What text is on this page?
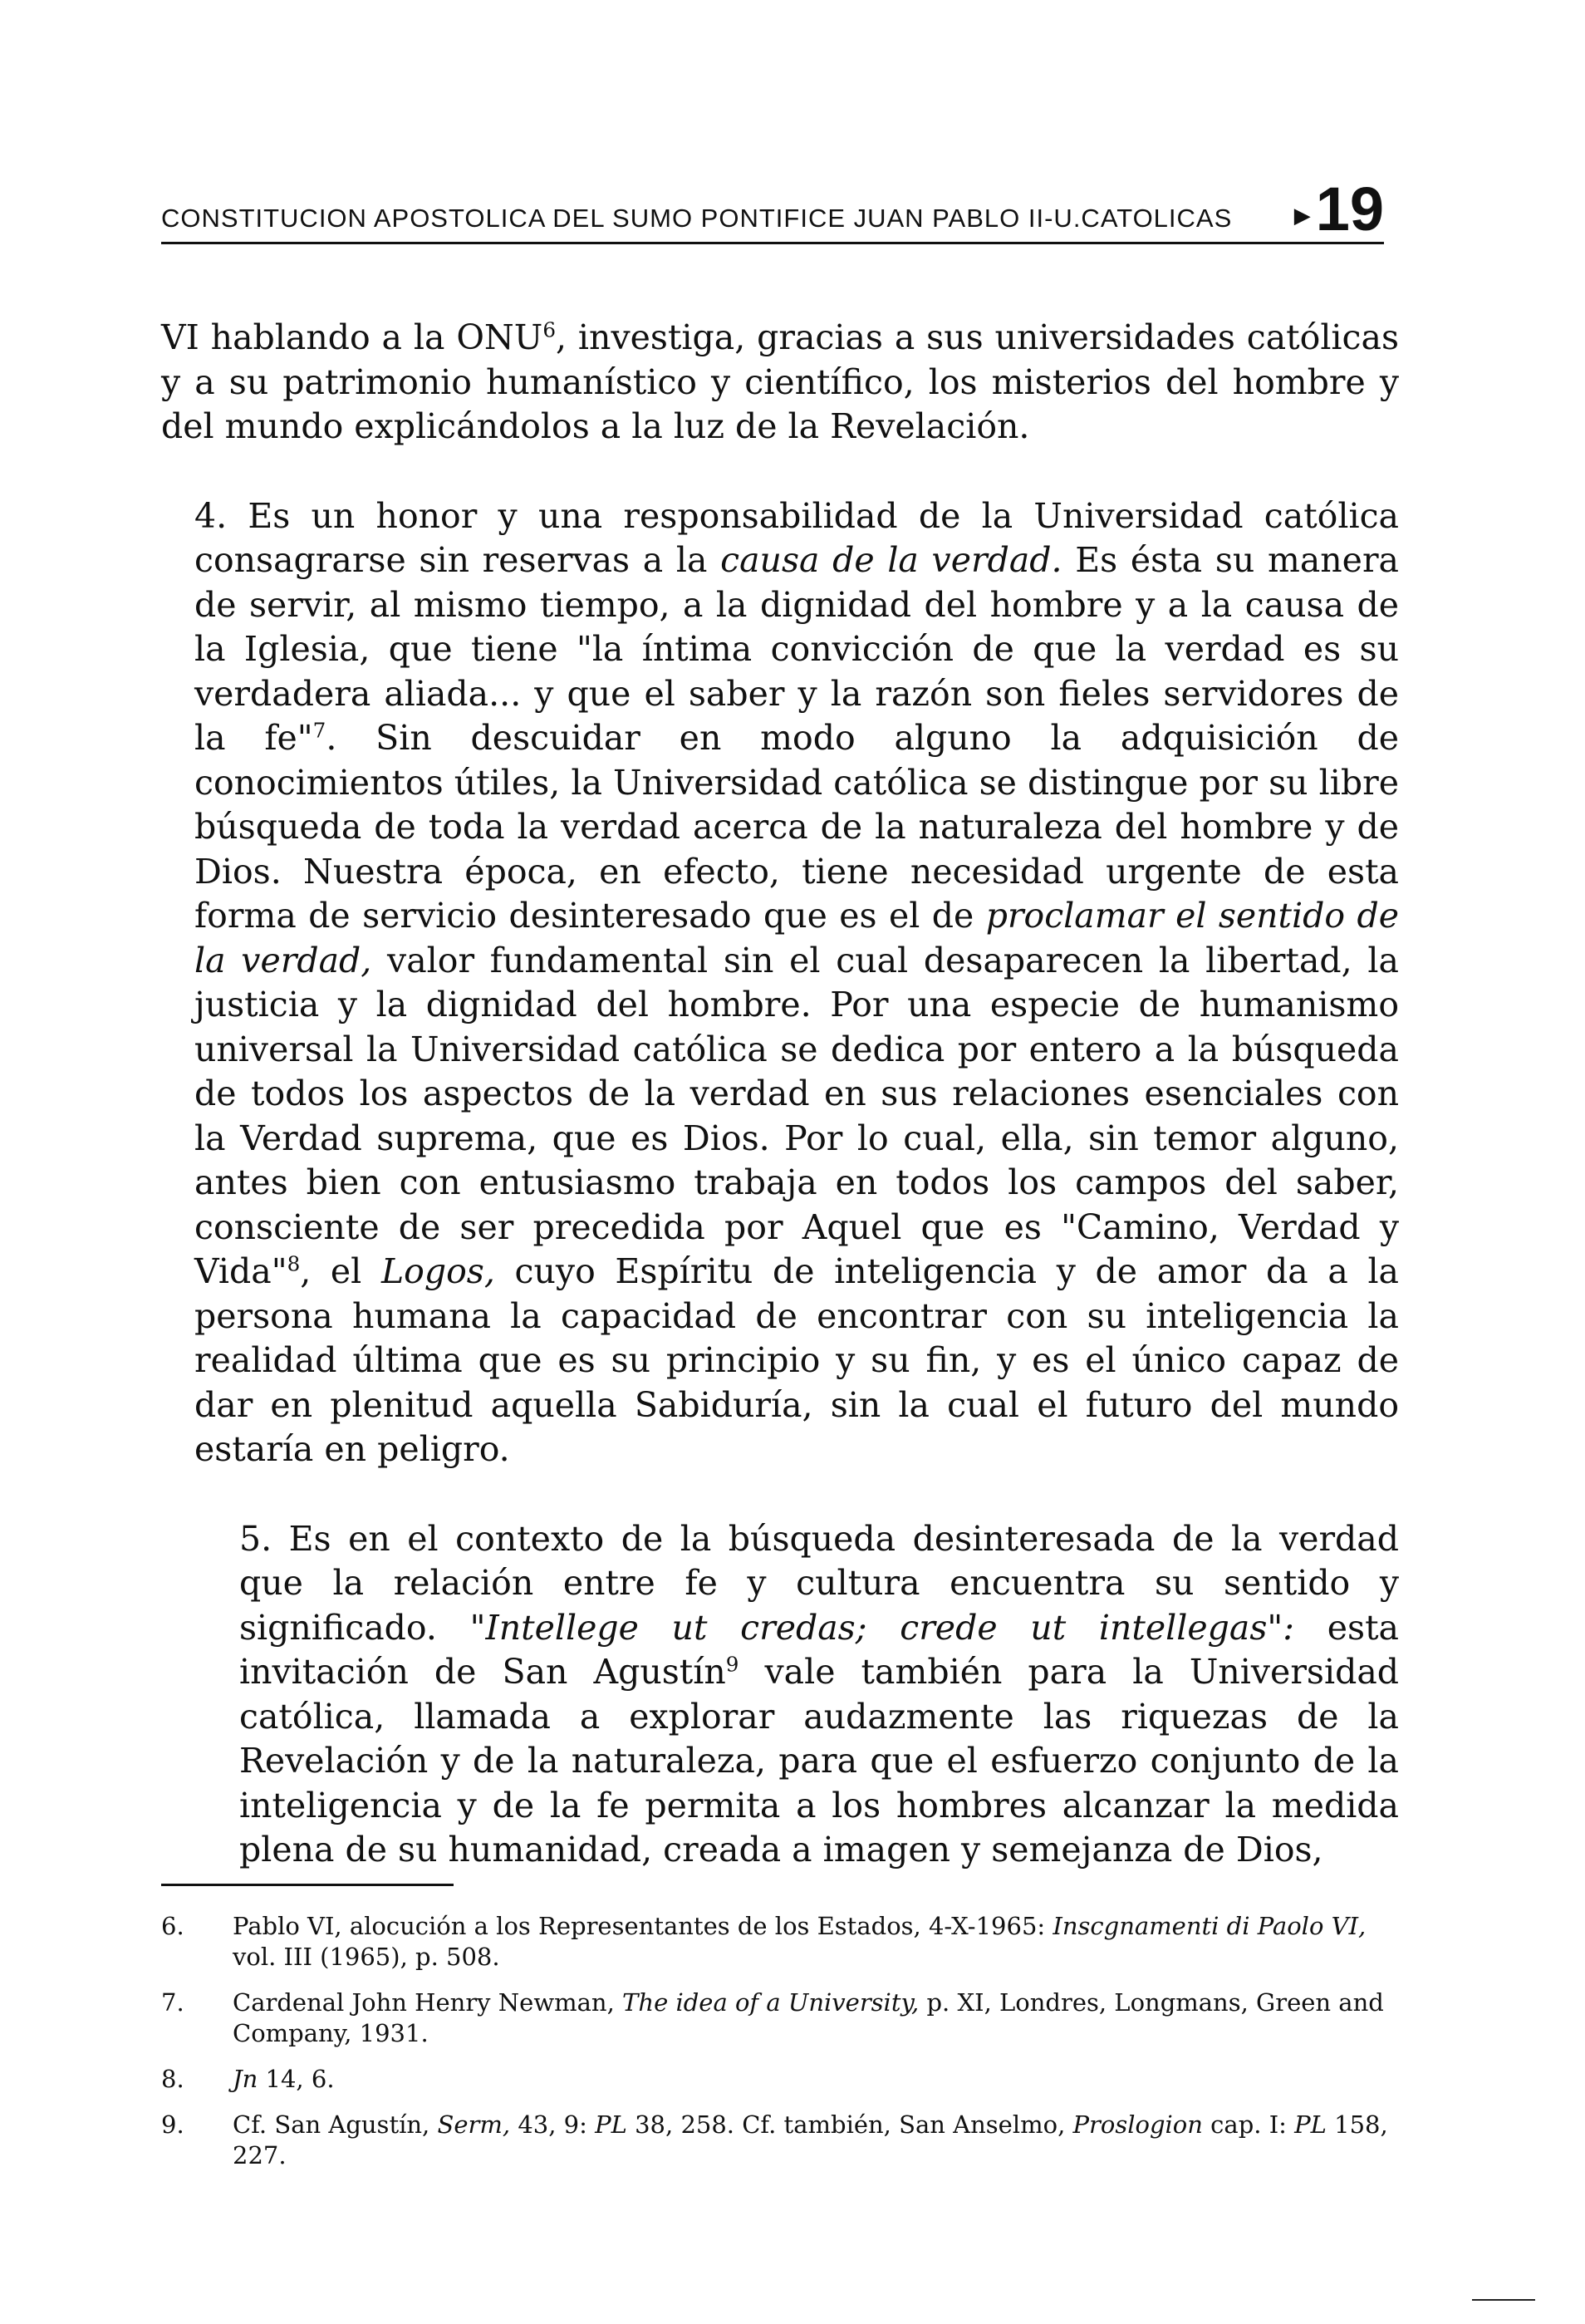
CONSTITUCION APOSTOLICA DEL SUMO PONTIFICE JUAN PABLO II-U.CATOLICAS	▶ 19

VI hablando a la ONU$^6$, investiga, gracias a sus universidades católicas y a su patrimonio humanístico y científico, los misterios del hombre y del mundo explicándolos a la luz de la Revelación.

4. Es un honor y una responsabilidad de la Universidad católica consagrarse sin reservas a la causa de la verdad. Es ésta su manera de servir, al mismo tiempo, a la dignidad del hombre y a la causa de la Iglesia, que tiene "la íntima convicción de que la verdad es su verdadera aliada... y que el saber y la razón son fieles servidores de la fe"$^7$. Sin descuidar en modo alguno la adquisición de conocimientos útiles, la Universidad católica se distingue por su libre búsqueda de toda la verdad acerca de la naturaleza del hombre y de Dios. Nuestra época, en efecto, tiene necesidad urgente de esta forma de servicio desinteresado que es el de proclamar el sentido de la verdad, valor fundamental sin el cual desaparecen la libertad, la justicia y la dignidad del hombre. Por una especie de humanismo universal la Universidad católica se dedica por entero a la búsqueda de todos los aspectos de la verdad en sus relaciones esenciales con la Verdad suprema, que es Dios. Por lo cual, ella, sin temor alguno, antes bien con entusiasmo trabaja en todos los campos del saber, consciente de ser precedida por Aquel que es "Camino, Verdad y Vida"$^8$, el Logos, cuyo Espíritu de inteligencia y de amor da a la persona humana la capacidad de encontrar con su inteligencia la realidad última que es su principio y su fin, y es el único capaz de dar en plenitud aquella Sabiduría, sin la cual el futuro del mundo estaría en peligro.

5. Es en el contexto de la búsqueda desinteresada de la verdad que la relación entre fe y cultura encuentra su sentido y significado. "Intellege ut credas; crede ut intellegas": esta invitación de San Agustín$^9$ vale también para la Universidad católica, llamada a explorar audazmente las riquezas de la Revelación y de la naturaleza, para que el esfuerzo conjunto de la inteligencia y de la fe permita a los hombres alcanzar la medida plena de su humanidad, creada a imagen y semejanza de Dios,

6.	Pablo VI, alocución a los Representantes de los Estados, 4-X-1965: Inscgnamenti di Paolo VI, vol. III (1965), p. 508.
7.	Cardenal John Henry Newman, The idea of a University, p. XI, Londres, Longmans, Green and Company, 1931.
8.	Jn 14, 6.
9.	Cf. San Agustín, Serm, 43, 9: PL 38, 258. Cf. también, San Anselmo, Proslogion cap. I: PL 158, 227.
